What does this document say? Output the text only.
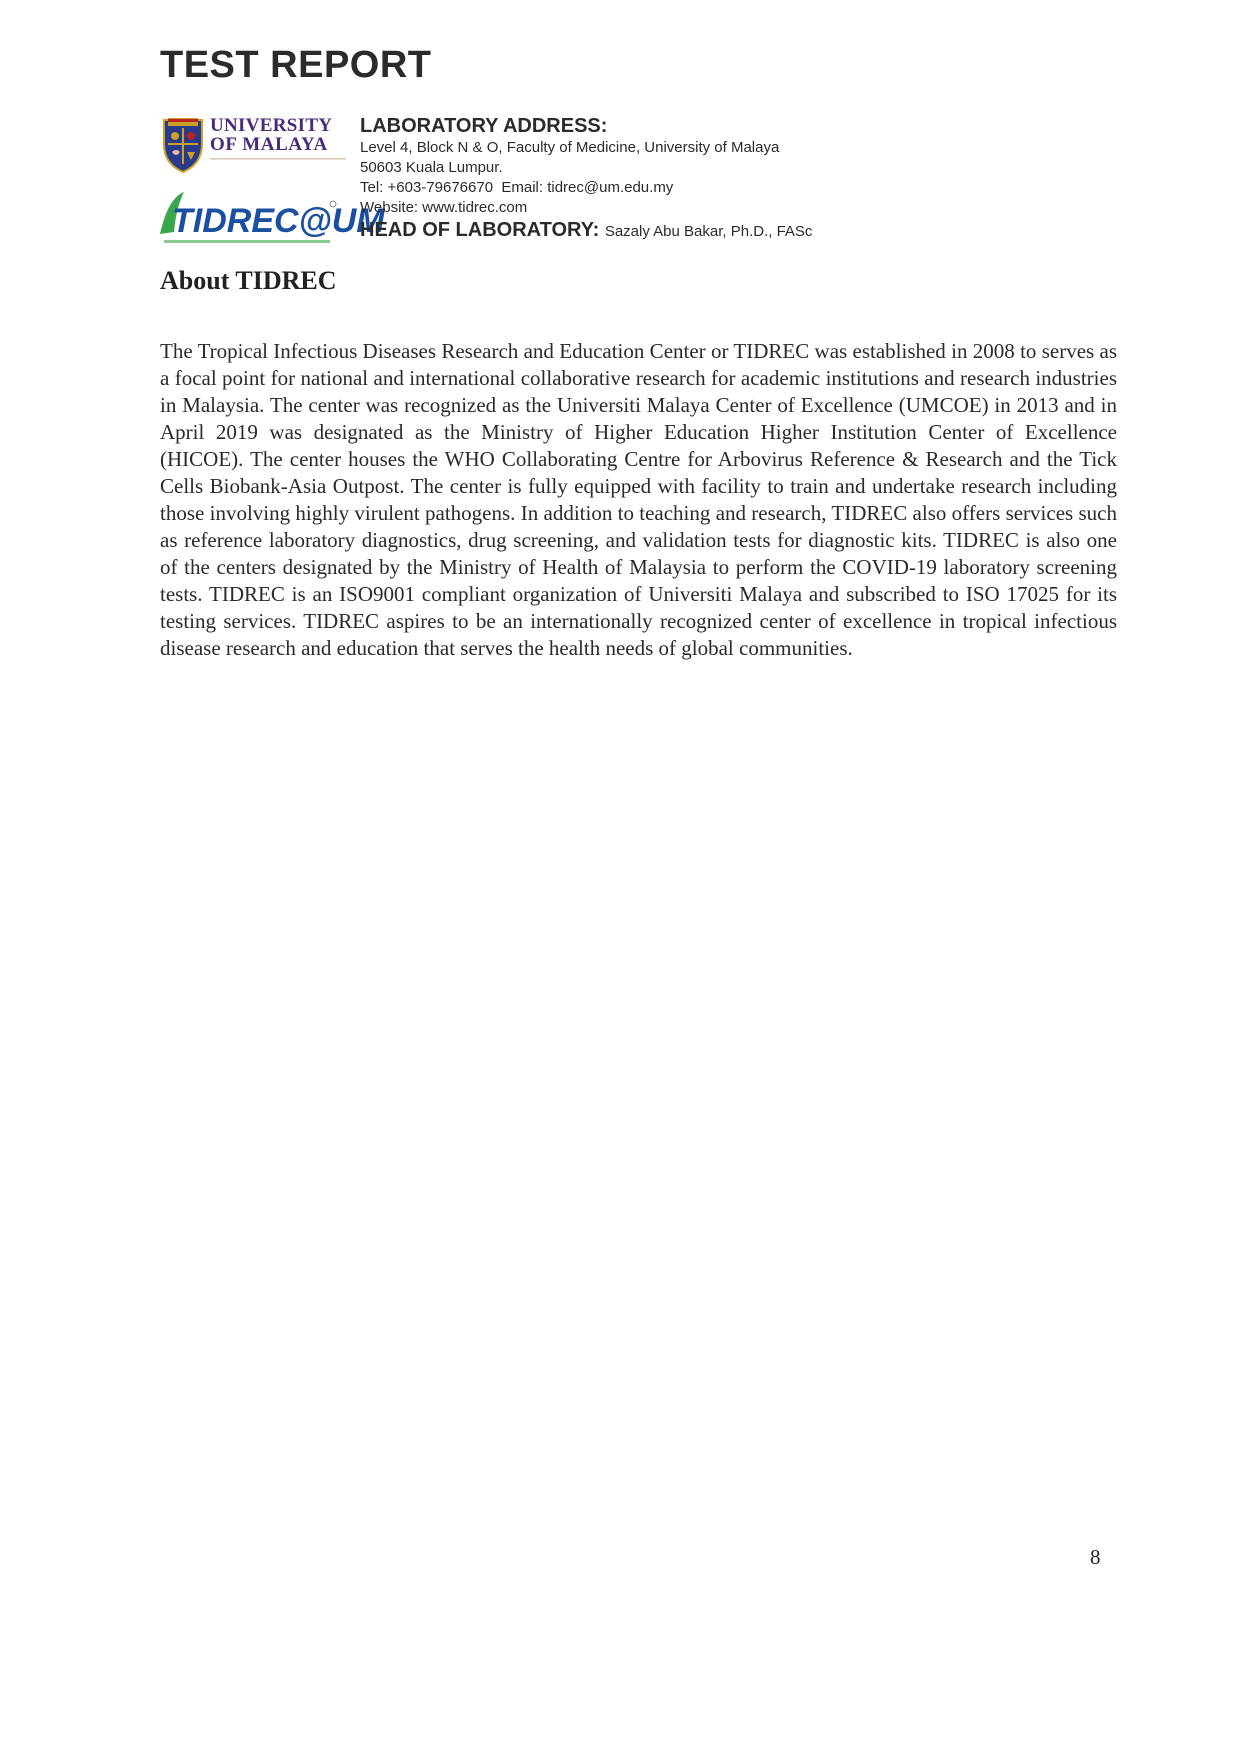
TEST REPORT
UNIVERSITY
OF MALAYA
TIDREC@UM

LABORATORY ADDRESS:

Level 4, Block N & O, Faculty of Medicine, University of Malaya

50603 Kuala Lumpur.

Tel: +603-79676670  Email: tidrec@um.edu.my

Website: www.tidrec.com

HEAD OF LABORATORY: Sazaly Abu Bakar, Ph.D., FASc

About TIDREC

The Tropical Infectious Diseases Research and Education Center or TIDREC was established in 2008 to serves as a focal point for national and international collaborative research for academic institutions and research industries in Malaysia. The center was recognized as the Universiti Malaya Center of Excellence (UMCOE) in 2013 and in April 2019 was designated as the Ministry of Higher Education Higher Institution Center of Excellence (HICOE). The center houses the WHO Collaborating Centre for Arbovirus Reference & Research and the Tick Cells Biobank-Asia Outpost. The center is fully equipped with facility to train and undertake research including those involving highly virulent pathogens. In addition to teaching and research, TIDREC also offers services such as reference laboratory diagnostics, drug screening, and validation tests for diagnostic kits. TIDREC is also one of the centers designated by the Ministry of Health of Malaysia to perform the COVID-19 laboratory screening tests. TIDREC is an ISO9001 compliant organization of Universiti Malaya and subscribed to ISO 17025 for its testing services. TIDREC aspires to be an internationally recognized center of excellence in tropical infectious disease research and education that serves the health needs of global communities.

8
